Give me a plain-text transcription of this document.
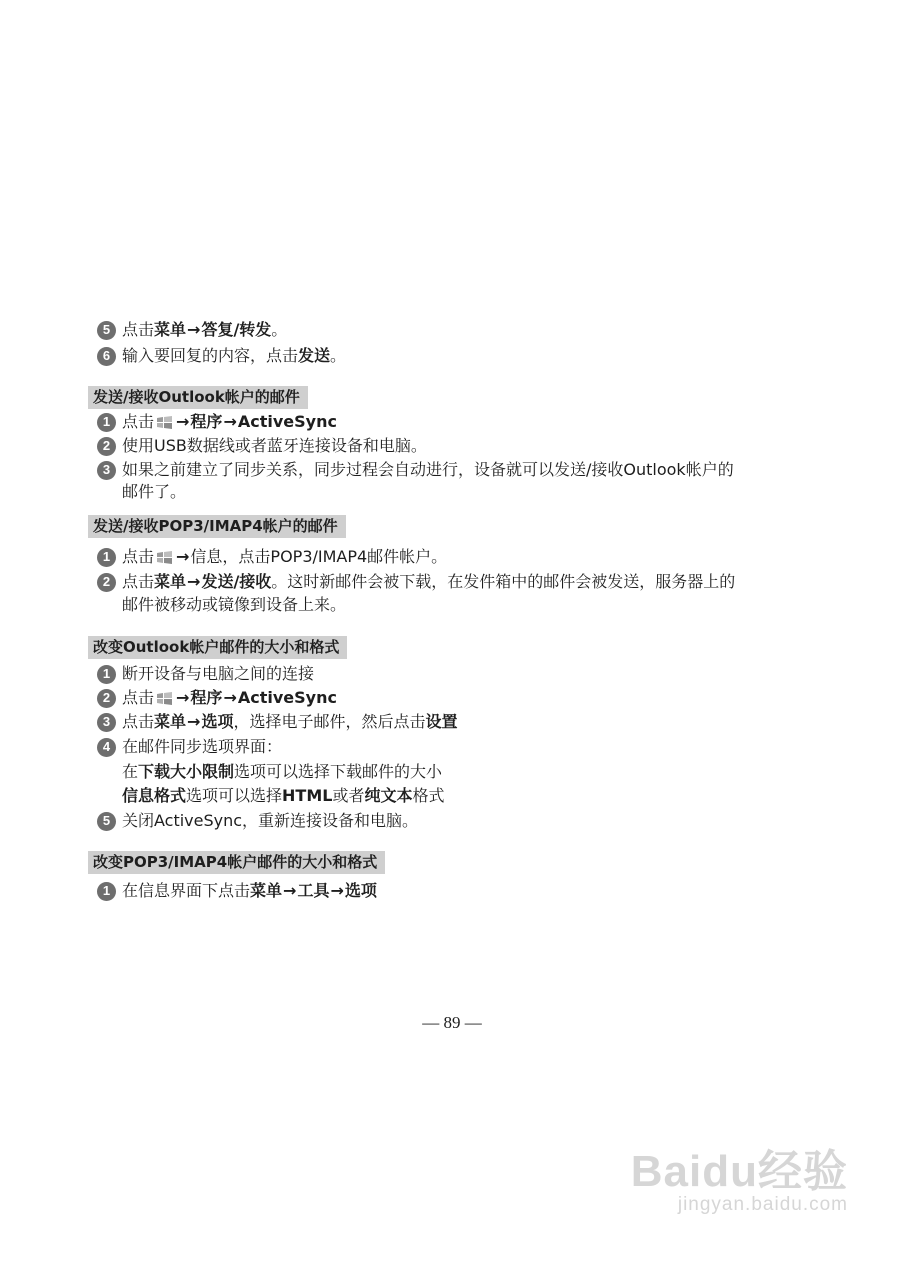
5 点击 菜单 → 答复/转发 。
6 输入要回复的内容，点击 发送 。
发送/接收Outlook帐户的邮件
1 点击 → 程序 → ActiveSync
2 使用USB数据线或者蓝牙连接设备和电脑。
3 如果之前建立了同步关系，同步过程会自动进行，设备就可以发送/接收Outlook帐户的
邮件了。
发送/接收POP3/IMAP4帐户的邮件
1 点击 → 信息，点击POP3/IMAP4邮件帐户。
2 点击 菜单 → 发送/接收 。这时新邮件会被下载，在发件箱中的邮件会被发送，服务器上的
邮件被移动或镜像到设备上来。
改变Outlook帐户邮件的大小和格式
1 断开设备与电脑之间的连接
2 点击 → 程序 → ActiveSync
3 点击 菜单 → 选项 ，选择电子邮件，然后点击 设置
4 在邮件同步选项界面：
在 下载大小限制 选项可以选择下载邮件的大小
信息格式 选项可以选择 HTML 或者 纯文本 格式
5 关闭ActiveSync，重新连接设备和电脑。
改变POP3/IMAP4帐户邮件的大小和格式
1 在信息界面下点击 菜单 → 工具 → 选项
— 89 —
Baidu经验
jingyan.baidu.com
